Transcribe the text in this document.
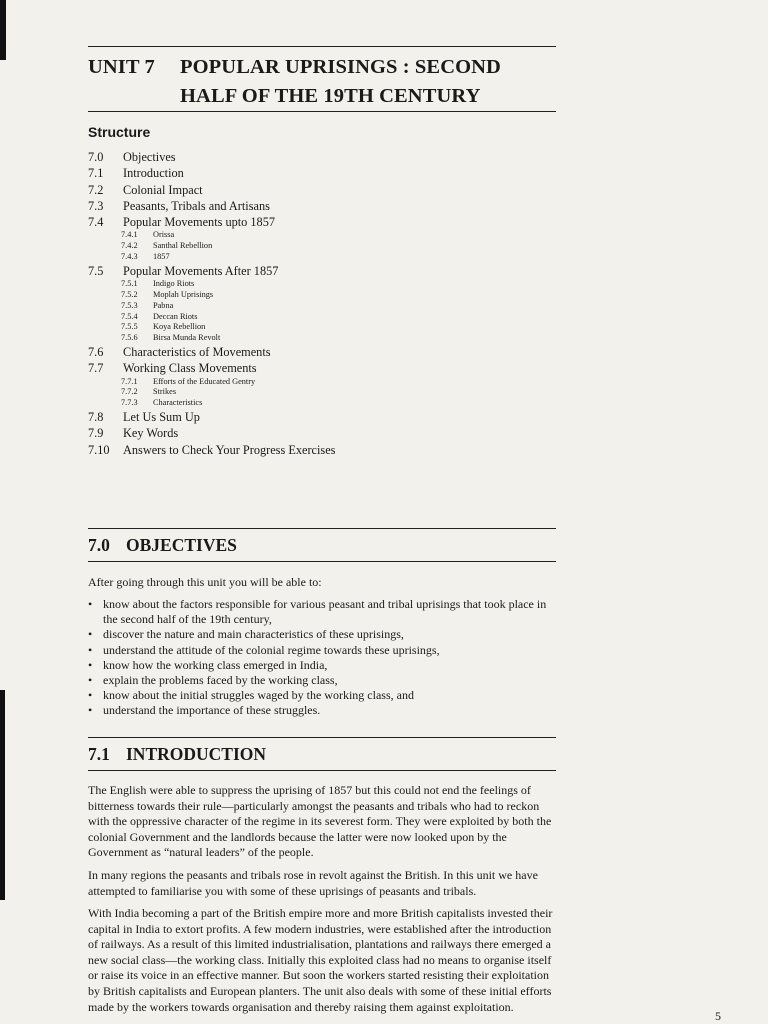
UNIT 7 POPULAR UPRISINGS : SECOND
HALF OF THE 19TH CENTURY
Structure
7.0 Objectives
7.1 Introduction
7.2 Colonial Impact
7.3 Peasants, Tribals and Artisans
7.4 Popular Movements upto 1857
7.4.1 Orissa
7.4.2 Santhal Rebellion
7.4.3 1857
7.5 Popular Movements After 1857
7.5.1 Indigo Riots
7.5.2 Moplah Uprisings
7.5.3 Pabna
7.5.4 Deccan Riots
7.5.5 Koya Rebellion
7.5.6 Birsa Munda Revolt
7.6 Characteristics of Movements
7.7 Working Class Movements
7.7.1 Efforts of the Educated Gentry
7.7.2 Strikes
7.7.3 Characteristics
7.8 Let Us Sum Up
7.9 Key Words
7.10 Answers to Check Your Progress Exercises
7.0 OBJECTIVES
After going through this unit you will be able to:
• know about the factors responsible for various peasant and tribal uprisings that took place in the second half of the 19th century,
• discover the nature and main characteristics of these uprisings,
• understand the attitude of the colonial regime towards these uprisings,
• know how the working class emerged in India,
• explain the problems faced by the working class,
• know about the initial struggles waged by the working class, and
• understand the importance of these struggles.
7.1 INTRODUCTION

The English were able to suppress the uprising of 1857 but this could not end the feelings of bitterness towards their rule—particularly amongst the peasants and tribals who had to reckon with the oppressive character of the regime in its severest form. They were exploited by both the colonial Government and the landlords because the latter were now looked upon by the Government as “natural leaders” of the people.

In many regions the peasants and tribals rose in revolt against the British. In this unit we have attempted to familiarise you with some of these uprisings of peasants and tribals.

With India becoming a part of the British empire more and more British capitalists invested their capital in India to extort profits. A few modern industries, were established after the introduction of railways. As a result of this limited industrialisation, plantations and railways there emerged a new social class—the working class. Initially this exploited class had no means to organise itself or raise its voice in an effective manner. But soon the workers started resisting their exploitation by British capitalists and European planters. The unit also deals with some of these initial efforts made by the workers towards organisation and thereby raising them against exploitation.

5
